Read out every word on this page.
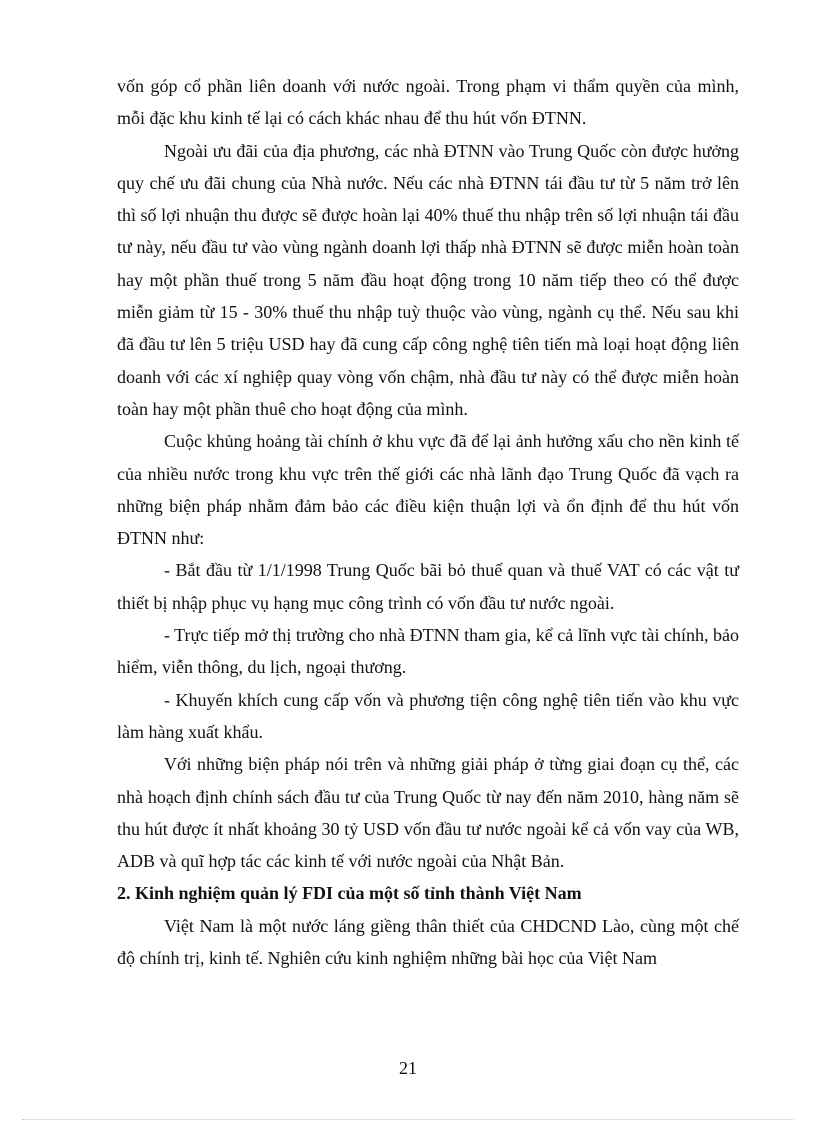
vốn góp cổ phần liên doanh với nước ngoài. Trong phạm vi thẩm quyền của mình, mỗi đặc khu kinh tế lại có cách khác nhau để thu hút vốn ĐTNN.

Ngoài ưu đãi của địa phương, các nhà ĐTNN vào Trung Quốc còn được hưởng quy chế ưu đãi chung của Nhà nước. Nếu các nhà ĐTNN tái đầu tư từ 5 năm trở lên thì số lợi nhuận thu được sẽ được hoàn lại 40% thuế thu nhập trên số lợi nhuận tái đầu tư này, nếu đầu tư vào vùng ngành doanh lợi thấp nhà ĐTNN sẽ được miễn hoàn toàn hay một phần thuế trong 5 năm đầu hoạt động trong 10 năm tiếp theo có thể được miễn giảm từ 15 - 30% thuế thu nhập tuỳ thuộc vào vùng, ngành cụ thể. Nếu sau khi đã đầu tư lên 5 triệu USD hay đã cung cấp công nghệ tiên tiến mà loại hoạt động liên doanh với các xí nghiệp quay vòng vốn chậm, nhà đầu tư này có thể được miễn hoàn toàn hay một phần thuê cho hoạt động của mình.

Cuộc khủng hoảng tài chính ở khu vực đã để lại ảnh hưởng xấu cho nền kinh tế của nhiều nước trong khu vực trên thế giới các nhà lãnh đạo Trung Quốc đã vạch ra những biện pháp nhằm đảm bảo các điều kiện thuận lợi và ổn định để thu hút vốn ĐTNN như:

- Bắt đầu từ 1/1/1998 Trung Quốc bãi bỏ thuế quan và thuế VAT có các vật tư thiết bị nhập phục vụ hạng mục công trình có vốn đầu tư nước ngoài.

- Trực tiếp mở thị trường cho nhà ĐTNN tham gia, kể cả lĩnh vực tài chính, bảo hiểm, viễn thông, du lịch, ngoại thương.

- Khuyến khích cung cấp vốn và phương tiện công nghệ tiên tiến vào khu vực làm hàng xuất khẩu.

Với những biện pháp nói trên và những giải pháp ở từng giai đoạn cụ thể, các nhà hoạch định chính sách đầu tư của Trung Quốc từ nay đến năm 2010, hàng năm sẽ thu hút được ít nhất khoảng 30 tỷ USD vốn đầu tư nước ngoài kể cả vốn vay của WB, ADB và quĩ hợp tác các kinh tế với nước ngoài của Nhật Bản.

2. Kinh nghiệm quản lý FDI của một số tỉnh thành Việt Nam

Việt Nam là một nước láng giềng thân thiết của CHDCND Lào, cùng một chế độ chính trị, kinh tế. Nghiên cứu kinh nghiệm những bài học của Việt Nam

21
